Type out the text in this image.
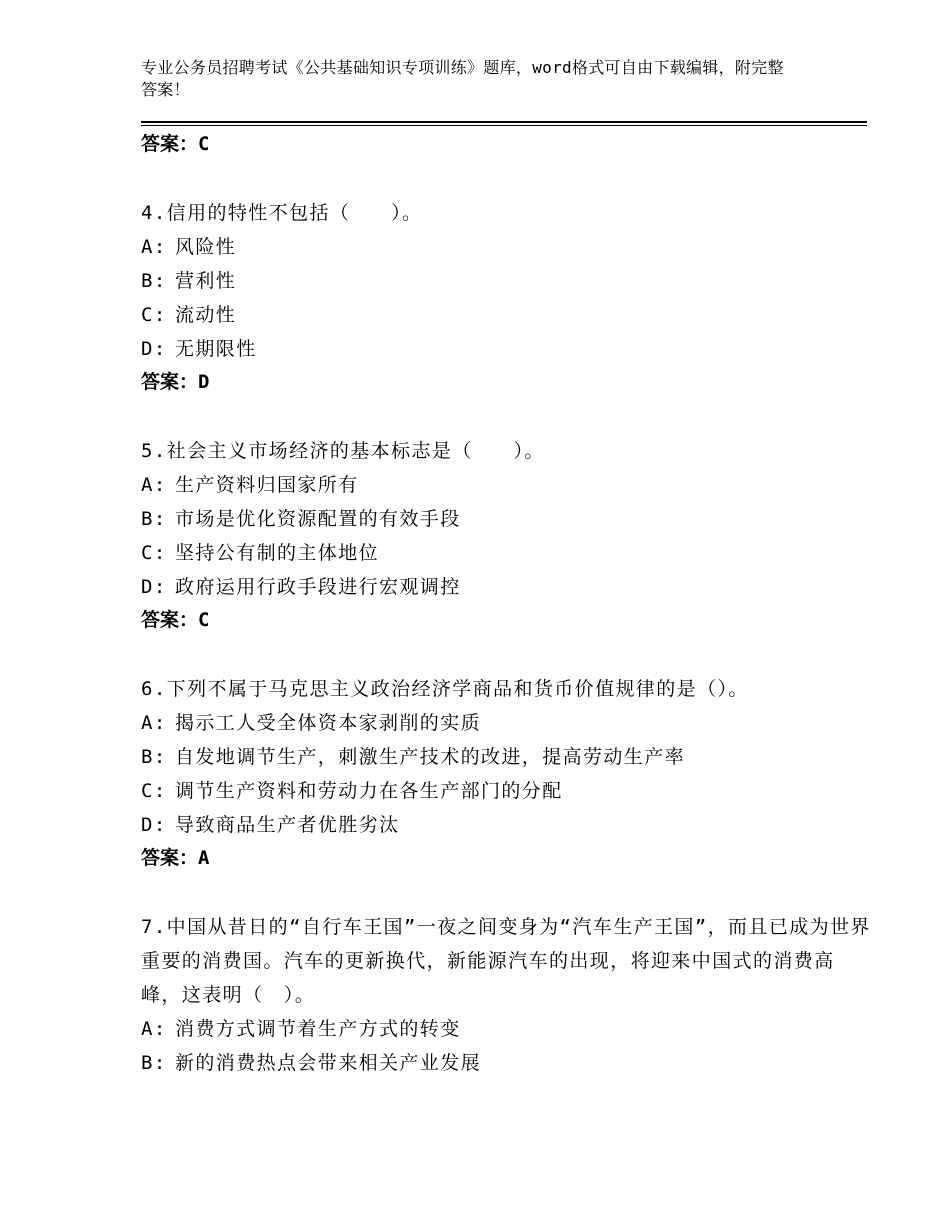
专业公务员招聘考试《公共基础知识专项训练》题库，word格式可自由下载编辑，附完整答案！

答案：C

4.信用的特性不包括（　　）。

A: 风险性

B: 营利性

C: 流动性

D: 无期限性

答案：D

5.社会主义市场经济的基本标志是（　　）。

A: 生产资料归国家所有

B: 市场是优化资源配置的有效手段

C: 坚持公有制的主体地位

D: 政府运用行政手段进行宏观调控

答案：C

6.下列不属于马克思主义政治经济学商品和货币价值规律的是（）。

A: 揭示工人受全体资本家剥削的实质

B: 自发地调节生产，刺激生产技术的改进，提高劳动生产率

C: 调节生产资料和劳动力在各生产部门的分配

D: 导致商品生产者优胜劣汰

答案：A

7.中国从昔日的“自行车王国”一夜之间变身为“汽车生产王国”，而且已成为世界重要的消费国。汽车的更新换代，新能源汽车的出现，将迎来中国式的消费高峰，这表明（　）。

A: 消费方式调节着生产方式的转变

B: 新的消费热点会带来相关产业发展
